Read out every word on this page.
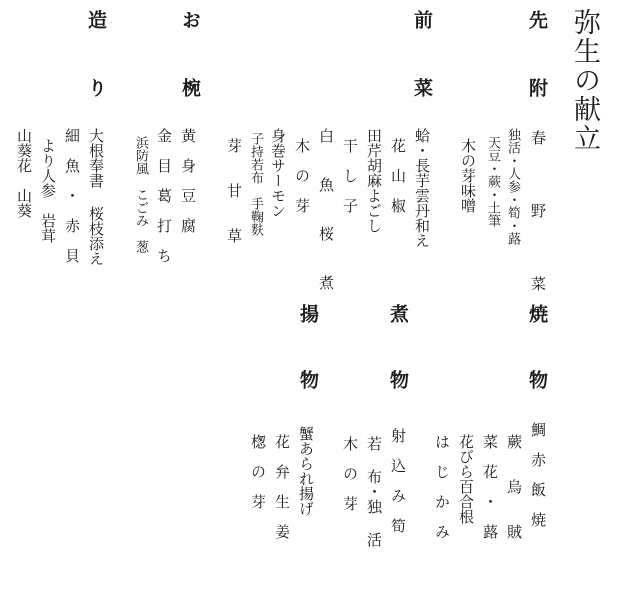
弥生の献立
先
附
春 野 菜
独活・人参・筍・蕗
天豆・蕨・土筆
木の芽味噌
前
菜
蛤・長芋雲丹和え
花　山　椒
田芹胡麻よごし
干　し　子
白 魚 桜 煮
木　の　芽
身巻サーモン
子持若布　手鞠麩
芽　　甘　　草
お
椀
黄　身　豆　腐
金　目　葛　打　ち
浜防風　こごみ　葱
造
り
大根奉書 桜枝添え
細　魚　・　赤　貝
より人参　岩茸
山葵花　山葵
焼
物
鯛　赤　飯　焼
蕨　　烏　　賊
菜　花　・　蕗
花びら百合根
は　じ　か　み
煮
物
射　込　み　筍
若 布・独 活
木　の　芽
揚
物
蟹あられ揚げ
花　弁　生　姜
楤　の　芽
